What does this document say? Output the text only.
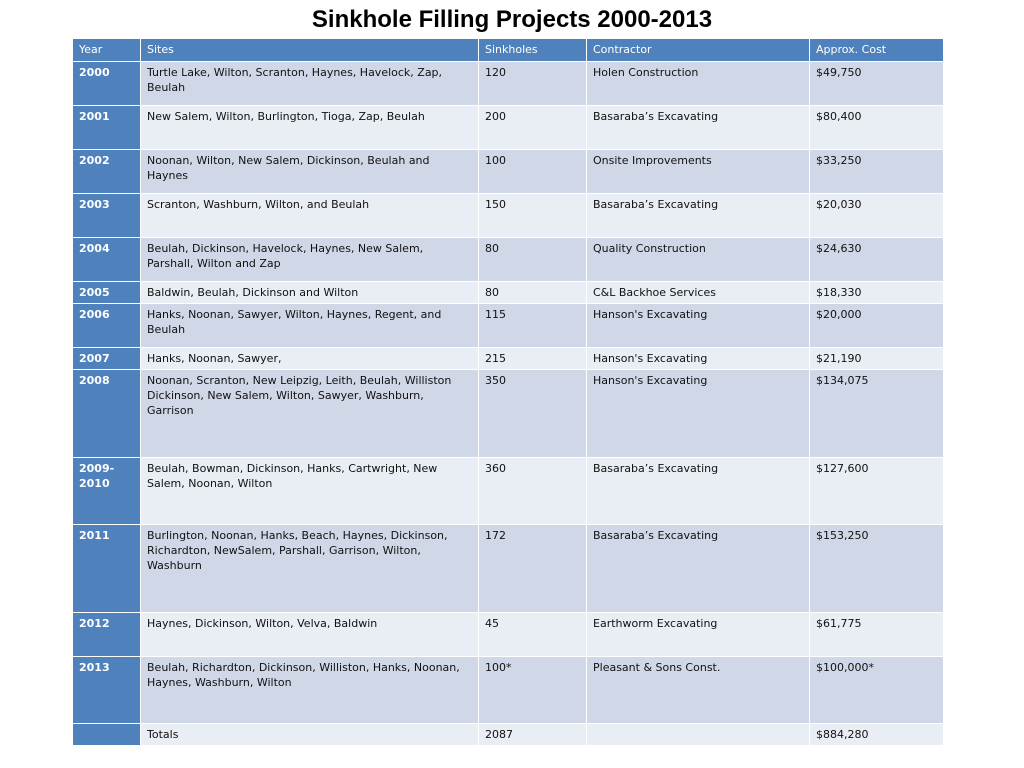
Sinkhole Filling Projects 2000-2013
Year	Sites	Sinkholes	Contractor	Approx. Cost
2000	Turtle Lake, Wilton, Scranton, Haynes, Havelock, Zap, Beulah	120	Holen Construction	$49,750
2001	New Salem, Wilton, Burlington, Tioga, Zap, Beulah	200	Basaraba’s Excavating	$80,400
2002	Noonan, Wilton, New Salem, Dickinson, Beulah and Haynes	100	Onsite Improvements	$33,250
2003	Scranton, Washburn, Wilton, and Beulah	150	Basaraba’s Excavating	$20,030
2004	Beulah, Dickinson, Havelock, Haynes, New Salem, Parshall, Wilton and Zap	80	Quality Construction	$24,630
2005	Baldwin, Beulah, Dickinson and Wilton	80	C&L Backhoe Services	$18,330
2006	Hanks, Noonan, Sawyer, Wilton, Haynes, Regent, and Beulah	115	Hanson's Excavating	$20,000
2007	Hanks, Noonan, Sawyer,	215	Hanson's Excavating	$21,190
2008	Noonan, Scranton, New Leipzig, Leith, Beulah, Williston Dickinson, New Salem, Wilton, Sawyer, Washburn, Garrison	350	Hanson's Excavating	$134,075
2009-2010	Beulah, Bowman, Dickinson, Hanks, Cartwright, New Salem, Noonan, Wilton	360	Basaraba’s Excavating	$127,600
2011	Burlington, Noonan, Hanks, Beach, Haynes, Dickinson, Richardton, NewSalem, Parshall, Garrison, Wilton, Washburn	172	Basaraba’s Excavating	$153,250
2012	Haynes, Dickinson, Wilton, Velva, Baldwin	45	Earthworm Excavating	$61,775
2013	Beulah, Richardton, Dickinson, Williston, Hanks, Noonan, Haynes, Washburn, Wilton	100*	Pleasant & Sons Const.	$100,000*
	Totals	2087		$884,280
